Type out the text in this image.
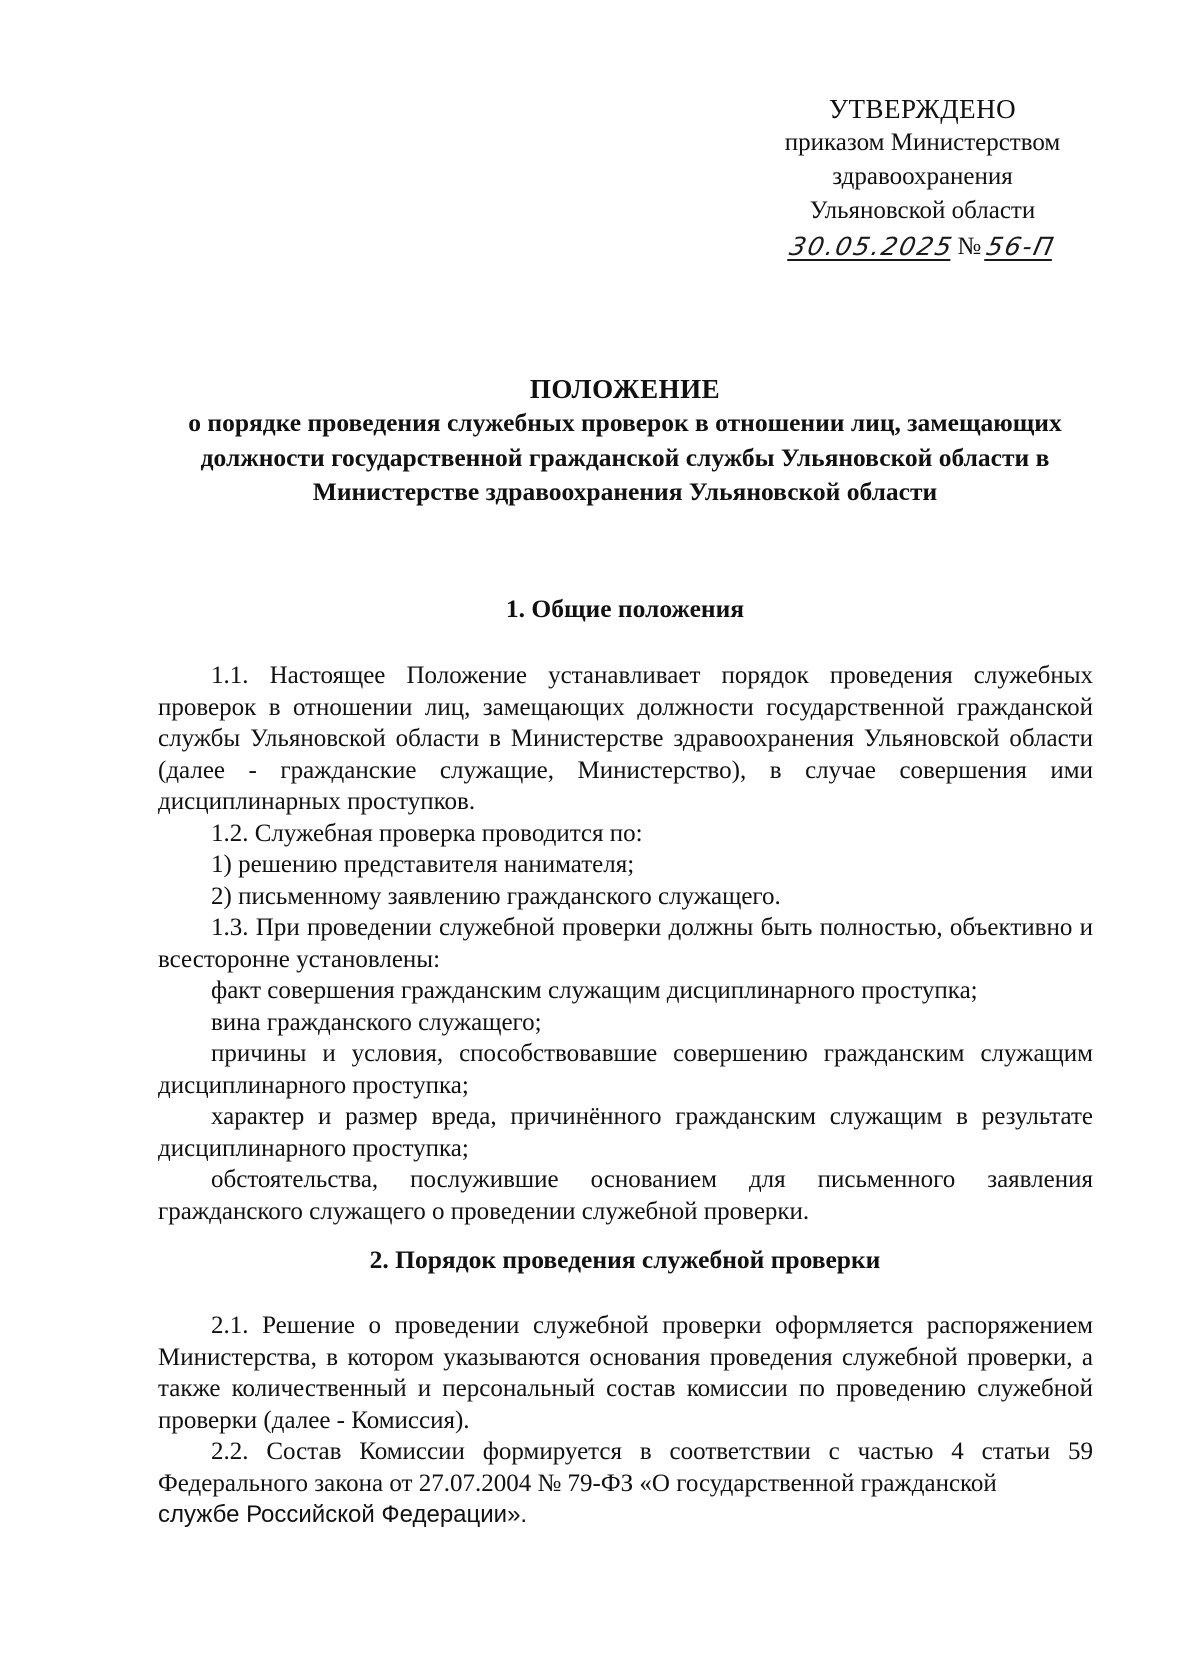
УТВЕРЖДЕНО
приказом Министерством
здравоохранения
Ульяновской области
30.05.2025 № 56-П
ПОЛОЖЕНИЕ
о порядке проведения служебных проверок в отношении лиц, замещающих должности государственной гражданской службы Ульяновской области в Министерстве здравоохранения Ульяновской области
1. Общие положения

1.1. Настоящее Положение устанавливает порядок проведения служебных проверок в отношении лиц, замещающих должности государственной гражданской службы Ульяновской области в Министерстве здравоохранения Ульяновской области (далее - гражданские служащие, Министерство), в случае совершения ими дисциплинарных проступков.

1.2. Служебная проверка проводится по:

1) решению представителя нанимателя;

2) письменному заявлению гражданского служащего.

1.3. При проведении служебной проверки должны быть полностью, объективно и всесторонне установлены:

факт совершения гражданским служащим дисциплинарного проступка;

вина гражданского служащего;

причины и условия, способствовавшие совершению гражданским служащим дисциплинарного проступка;

характер и размер вреда, причинённого гражданским служащим в результате дисциплинарного проступка;

обстоятельства, послужившие основанием для письменного заявления гражданского служащего о проведении служебной проверки.

2. Порядок проведения служебной проверки

2.1. Решение о проведении служебной проверки оформляется распоряжением Министерства, в котором указываются основания проведения служебной проверки, а также количественный и персональный состав комиссии по проведению служебной проверки (далее - Комиссия).

2.2. Состав Комиссии формируется в соответствии с частью 4 статьи 59 Федерального закона от 27.07.2004 № 79-ФЗ «О государственной гражданской

службе Российской Федерации».
